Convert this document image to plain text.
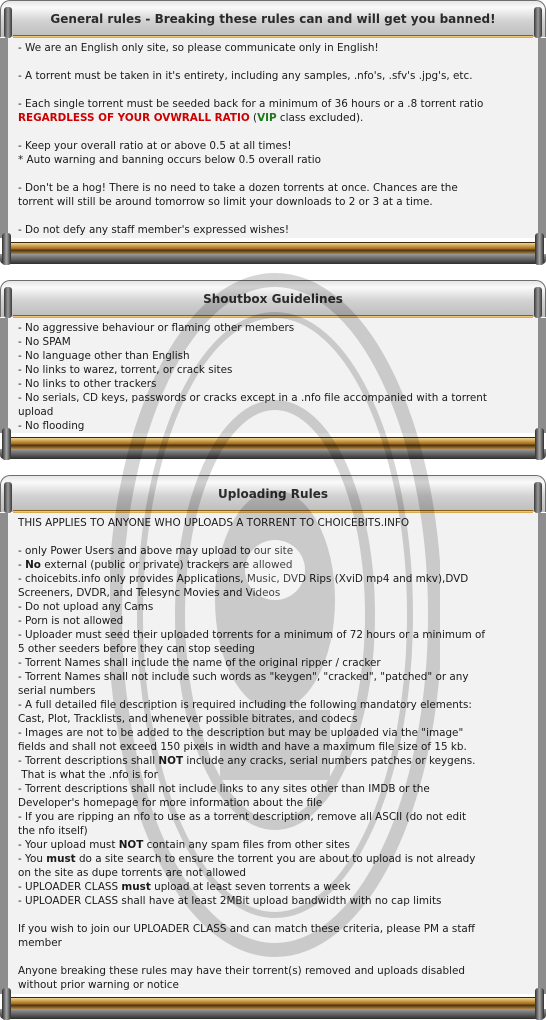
General rules - Breaking these rules can and will get you banned!
- We are an English only site, so please communicate only in English!
- A torrent must be taken in it's entirety, including any samples, .nfo's, .sfv's .jpg's, etc.
- Each single torrent must be seeded back for a minimum of 36 hours or a .8 torrent ratio
REGARDLESS OF YOUR OVWRALL RATIO (VIP class excluded).
- Keep your overall ratio at or above 0.5 at all times!
* Auto warning and banning occurs below 0.5 overall ratio
- Don't be a hog! There is no need to take a dozen torrents at once. Chances are the
torrent will still be around tomorrow so limit your downloads to 2 or 3 at a time.
- Do not defy any staff member's expressed wishes!
Shoutbox Guidelines
- No aggressive behaviour or flaming other members
- No SPAM
- No language other than English
- No links to warez, torrent, or crack sites
- No links to other trackers
- No serials, CD keys, passwords or cracks except in a .nfo file accompanied with a torrent
upload
- No flooding
Uploading Rules
THIS APPLIES TO ANYONE WHO UPLOADS A TORRENT TO CHOICEBITS.INFO
- only Power Users and above may upload to our site
- No external (public or private) trackers are allowed
- choicebits.info only provides Applications, Music, DVD Rips (XviD mp4 and mkv),DVD
Screeners, DVDR, and Telesync Movies and Videos
- Do not upload any Cams
- Porn is not allowed
- Uploader must seed their uploaded torrents for a minimum of 72 hours or a minimum of
5 other seeders before they can stop seeding
- Torrent Names shall include the name of the original ripper / cracker
- Torrent Names shall not include such words as "keygen", "cracked", "patched" or any
serial numbers
- A full detailed file description is required including the following mandatory elements:
Cast, Plot, Tracklists, and whenever possible bitrates, and codecs
- Images are not to be added to the description but may be uploaded via the "image"
fields and shall not exceed 150 pixels in width and have a maximum file size of 15 kb.
- Torrent descriptions shall NOT include any cracks, serial numbers patches or keygens.
That is what the .nfo is for
- Torrent descriptions shall not include links to any sites other than IMDB or the
Developer's homepage for more information about the file
- If you are ripping an nfo to use as a torrent description, remove all ASCII (do not edit
the nfo itself)
- Your upload must NOT contain any spam files from other sites
- You must do a site search to ensure the torrent you are about to upload is not already
on the site as dupe torrents are not allowed
- UPLOADER CLASS must upload at least seven torrents a week
- UPLOADER CLASS shall have at least 2MBit upload bandwidth with no cap limits
If you wish to join our UPLOADER CLASS and can match these criteria, please PM a staff
member
Anyone breaking these rules may have their torrent(s) removed and uploads disabled
without prior warning or notice
